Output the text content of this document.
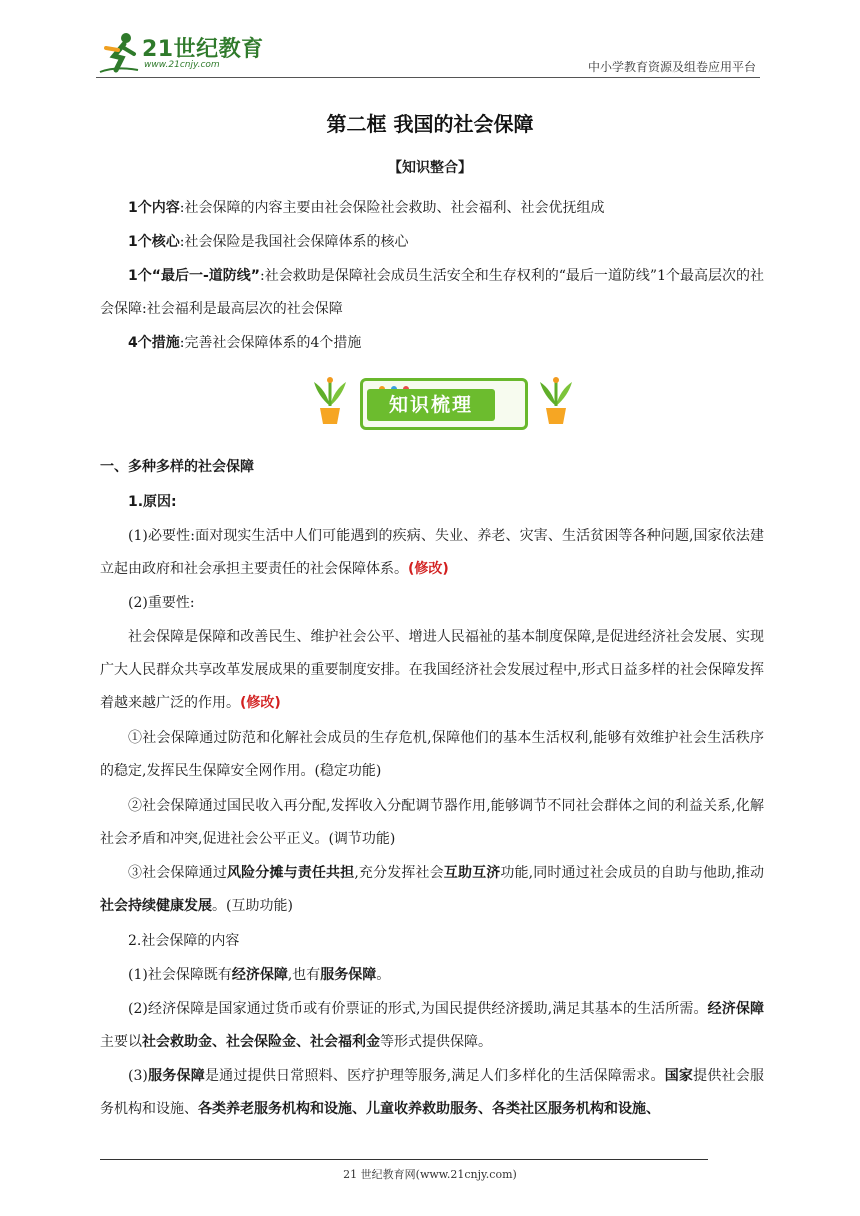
21世纪教育
www.21cnjy.com	中小学教育资源及组卷应用平台
第二框 我国的社会保障
【知识整合】
1个内容:社会保障的内容主要由社会保险社会救助、社会福利、社会优抚组成
1个核心:社会保险是我国社会保障体系的核心
1个“最后一-道防线”:社会救助是保障社会成员生活安全和生存权利的“最后一道防线”1个最高层次的社会保障:社会福利是最高层次的社会保障
4个措施:完善社会保障体系的4个措施
知识梳理
一、多种多样的社会保障
1.原因:
(1)必要性:面对现实生活中人们可能遇到的疾病、失业、养老、灾害、生活贫困等各种问题,国家依法建立起由政府和社会承担主要责任的社会保障体系。(修改)
(2)重要性:
社会保障是保障和改善民生、维护社会公平、增进人民福祉的基本制度保障,是促进经济社会发展、实现广大人民群众共享改革发展成果的重要制度安排。在我国经济社会发展过程中,形式日益多样的社会保障发挥着越来越广泛的作用。(修改)
①社会保障通过防范和化解社会成员的生存危机,保障他们的基本生活权利,能够有效维护社会生活秩序的稳定,发挥民生保障安全网作用。(稳定功能)
②社会保障通过国民收入再分配,发挥收入分配调节器作用,能够调节不同社会群体之间的利益关系,化解社会矛盾和冲突,促进社会公平正义。(调节功能)
③社会保障通过风险分摊与责任共担,充分发挥社会互助互济功能,同时通过社会成员的自助与他助,推动社会持续健康发展。(互助功能)
2.社会保障的内容
(1)社会保障既有经济保障,也有服务保障。
(2)经济保障是国家通过货币或有价票证的形式,为国民提供经济援助,满足其基本的生活所需。经济保障主要以社会救助金、社会保险金、社会福利金等形式提供保障。
(3)服务保障是通过提供日常照料、医疗护理等服务,满足人们多样化的生活保障需求。国家提供社会服务机构和设施、各类养老服务机构和设施、儿童收养救助服务、各类社区服务机构和设施、
21 世纪教育网(www.21cnjy.com)
